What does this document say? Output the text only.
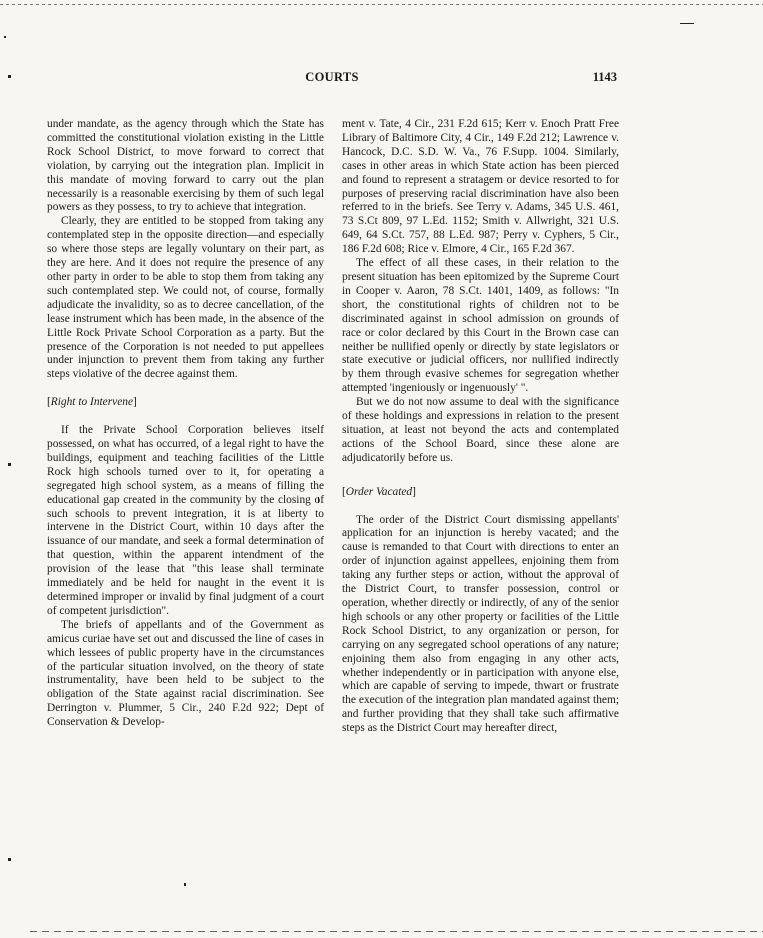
COURTS	1143

under mandate, as the agency through which the State has committed the constitutional violation existing in the Little Rock School District, to move forward to correct that violation, by carrying out the integration plan. Implicit in this mandate of moving forward to carry out the plan necessarily is a reasonable exercising by them of such legal powers as they possess, to try to achieve that integration.

Clearly, they are entitled to be stopped from taking any contemplated step in the opposite direction—and especially so where those steps are legally voluntary on their part, as they are here. And it does not require the presence of any other party in order to be able to stop them from taking any such contemplated step. We could not, of course, formally adjudicate the invalidity, so as to decree cancellation, of the lease instrument which has been made, in the absence of the Little Rock Private School Corporation as a party. But the presence of the Corporation is not needed to put appellees under injunction to prevent them from taking any further steps violative of the decree against them.

[Right to Intervene]

If the Private School Corporation believes itself possessed, on what has occurred, of a legal right to have the buildings, equipment and teaching facilities of the Little Rock high schools turned over to it, for operating a segregated high school system, as a means of filling the educational gap created in the community by the closing of such schools to prevent integration, it is at liberty to intervene in the District Court, within 10 days after the issuance of our mandate, and seek a formal determination of that question, within the apparent intendment of the provision of the lease that "this lease shall terminate immediately and be held for naught in the event it is determined improper or invalid by final judgment of a court of competent jurisdiction".

The briefs of appellants and of the Government as amicus curiae have set out and discussed the line of cases in which lessees of public property have in the circumstances of the particular situation involved, on the theory of state instrumentality, have been held to be subject to the obligation of the State against racial discrimination. See Derrington v. Plummer, 5 Cir., 240 F.2d 922; Dept of Conservation & Develop-

ment v. Tate, 4 Cir., 231 F.2d 615; Kerr v. Enoch Pratt Free Library of Baltimore City, 4 Cir., 149 F.2d 212; Lawrence v. Hancock, D.C. S.D. W. Va., 76 F.Supp. 1004. Similarly, cases in other areas in which State action has been pierced and found to represent a stratagem or device resorted to for purposes of preserving racial discrimination have also been referred to in the briefs. See Terry v. Adams, 345 U.S. 461, 73 S.Ct 809, 97 L.Ed. 1152; Smith v. Allwright, 321 U.S. 649, 64 S.Ct. 757, 88 L.Ed. 987; Perry v. Cyphers, 5 Cir., 186 F.2d 608; Rice v. Elmore, 4 Cir., 165 F.2d 367.

The effect of all these cases, in their relation to the present situation has been epitomized by the Supreme Court in Cooper v. Aaron, 78 S.Ct. 1401, 1409, as follows: "In short, the constitutional rights of children not to be discriminated against in school admission on grounds of race or color declared by this Court in the Brown case can neither be nullified openly or directly by state legislators or state executive or judicial officers, nor nullified indirectly by them through evasive schemes for segregation whether attempted 'ingeniously or ingenuously' ".

But we do not now assume to deal with the significance of these holdings and expressions in relation to the present situation, at least not beyond the acts and contemplated actions of the School Board, since these alone are adjudicatorily before us.

[Order Vacated]

The order of the District Court dismissing appellants' application for an injunction is hereby vacated; and the cause is remanded to that Court with directions to enter an order of injunction against appellees, enjoining them from taking any further steps or action, without the approval of the District Court, to transfer possession, control or operation, whether directly or indirectly, of any of the senior high schools or any other property or facilities of the Little Rock School District, to any organization or person, for carrying on any segregated school operations of any nature; enjoining them also from engaging in any other acts, whether independently or in participation with anyone else, which are capable of serving to impede, thwart or frustrate the execution of the integration plan mandated against them; and further providing that they shall take such affirmative steps as the District Court may hereafter direct,
